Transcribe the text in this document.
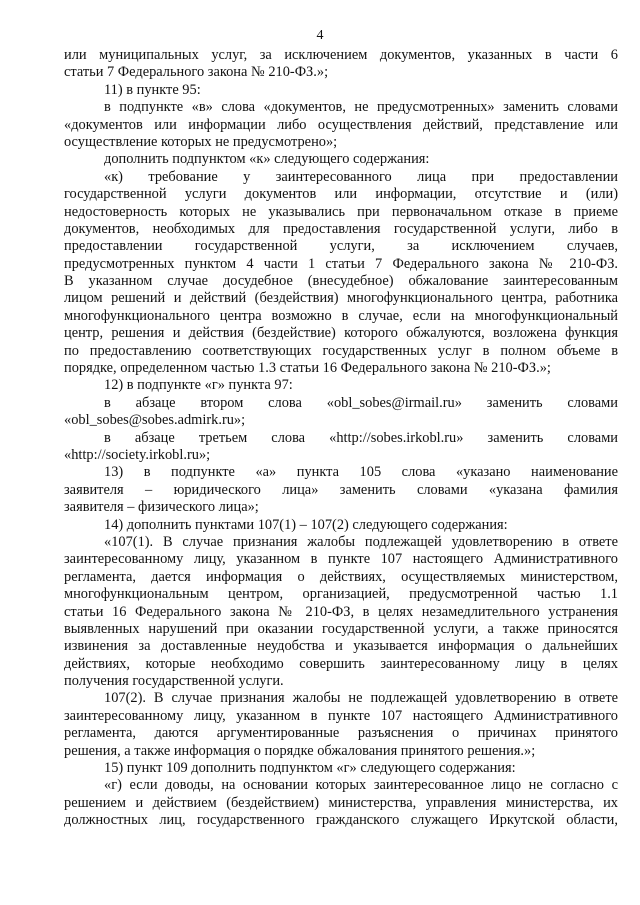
4
или муниципальных услуг, за исключением документов, указанных в части 6
статьи 7 Федерального закона № 210-ФЗ.»;
11) в пункте 95:
в подпункте «в» слова «документов, не предусмотренных» заменить словами
«документов или информации либо осуществления действий, представление или
осуществление которых не предусмотрено»;
дополнить подпунктом «к» следующего содержания:
«к) требование у заинтересованного лица при предоставлении
государственной услуги документов или информации, отсутствие и (или)
недостоверность которых не указывались при первоначальном отказе в приеме
документов, необходимых для предоставления государственной услуги, либо в
предоставлении государственной услуги, за исключением случаев,
предусмотренных пунктом 4 части 1 статьи 7 Федерального закона № 210-ФЗ.
В указанном случае досудебное (внесудебное) обжалование заинтересованным
лицом решений и действий (бездействия) многофункционального центра, работника
многофункционального центра возможно в случае, если на многофункциональный
центр, решения и действия (бездействие) которого обжалуются, возложена функция
по предоставлению соответствующих государственных услуг в полном объеме в
порядке, определенном частью 1.3 статьи 16 Федерального закона № 210-ФЗ.»;
12) в подпункте «г» пункта 97:
в абзаце втором слова «obl_sobes@irmail.ru» заменить словами
«obl_sobes@sobes.admirk.ru»;
в абзаце третьем слова «http://sobes.irkobl.ru» заменить словами
«http://society.irkobl.ru»;
13) в подпункте «а» пункта 105 слова «указано наименование
заявителя – юридического лица» заменить словами «указана фамилия
заявителя – физического лица»;
14) дополнить пунктами 107(1) – 107(2) следующего содержания:
«107(1). В случае признания жалобы подлежащей удовлетворению в ответе
заинтересованному лицу, указанном в пункте 107 настоящего Административного
регламента, дается информация о действиях, осуществляемых министерством,
многофункциональным центром, организацией, предусмотренной частью 1.1
статьи 16 Федерального закона № 210-ФЗ, в целях незамедлительного устранения
выявленных нарушений при оказании государственной услуги, а также приносятся
извинения за доставленные неудобства и указывается информация о дальнейших
действиях, которые необходимо совершить заинтересованному лицу в целях
получения государственной услуги.
107(2). В случае признания жалобы не подлежащей удовлетворению в ответе
заинтересованному лицу, указанном в пункте 107 настоящего Административного
регламента, даются аргументированные разъяснения о причинах принятого
решения, а также информация о порядке обжалования принятого решения.»;
15) пункт 109 дополнить подпунктом «г» следующего содержания:
«г) если доводы, на основании которых заинтересованное лицо не согласно с
решением и действием (бездействием) министерства, управления министерства, их
должностных лиц, государственного гражданского служащего Иркутской области,
